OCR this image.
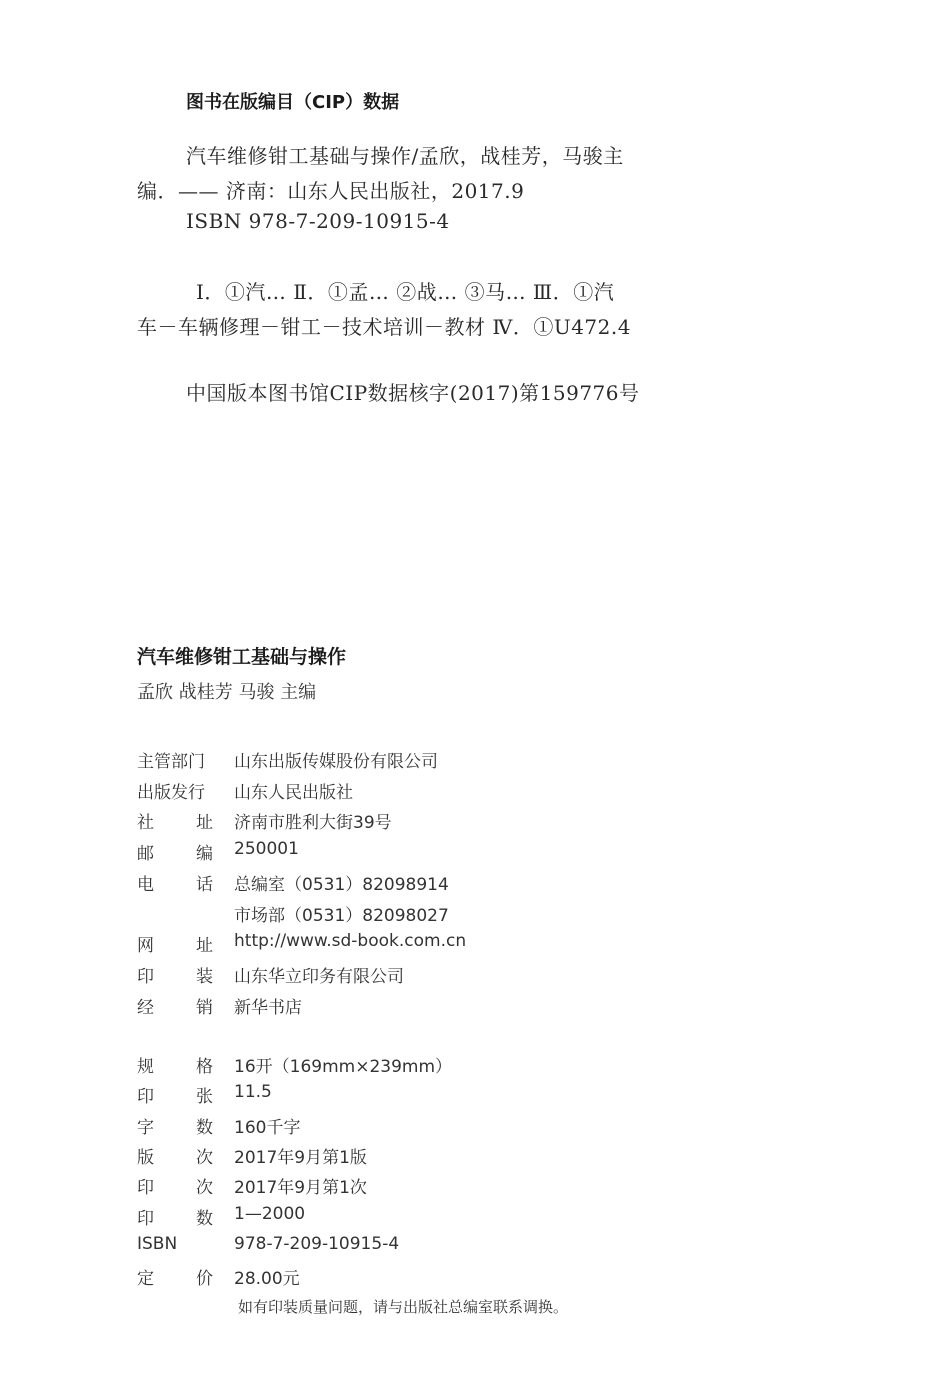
图书在版编目（CIP）数据
汽车维修钳工基础与操作/孟欣，战桂芳，马骏主
编．—— 济南：山东人民出版社，2017.9
ISBN 978-7-209-10915-4
Ⅰ．①汽… Ⅱ．①孟… ②战… ③马… Ⅲ．①汽
车－车辆修理－钳工－技术培训－教材 Ⅳ．①U472.4
中国版本图书馆CIP数据核字(2017)第159776号
汽车维修钳工基础与操作
孟欣 战桂芳 马骏 主编
主管部门	山东出版传媒股份有限公司
出版发行	山东人民出版社
社 址 济南市胜利大街39号
邮 编 250001
电 话 总编室（0531）82098914
市场部（0531）82098027
网 址 http://www.sd-book.com.cn
印 装 山东华立印务有限公司
经 销 新华书店
规 格 16开（169mm×239mm）
印 张 11.5
字 数 160千字
版 次 2017年9月第1版
印 次 2017年9月第1次
印 数 1—2000
ISBN	978-7-209-10915-4
定 价 28.00元
如有印装质量问题，请与出版社总编室联系调换。
